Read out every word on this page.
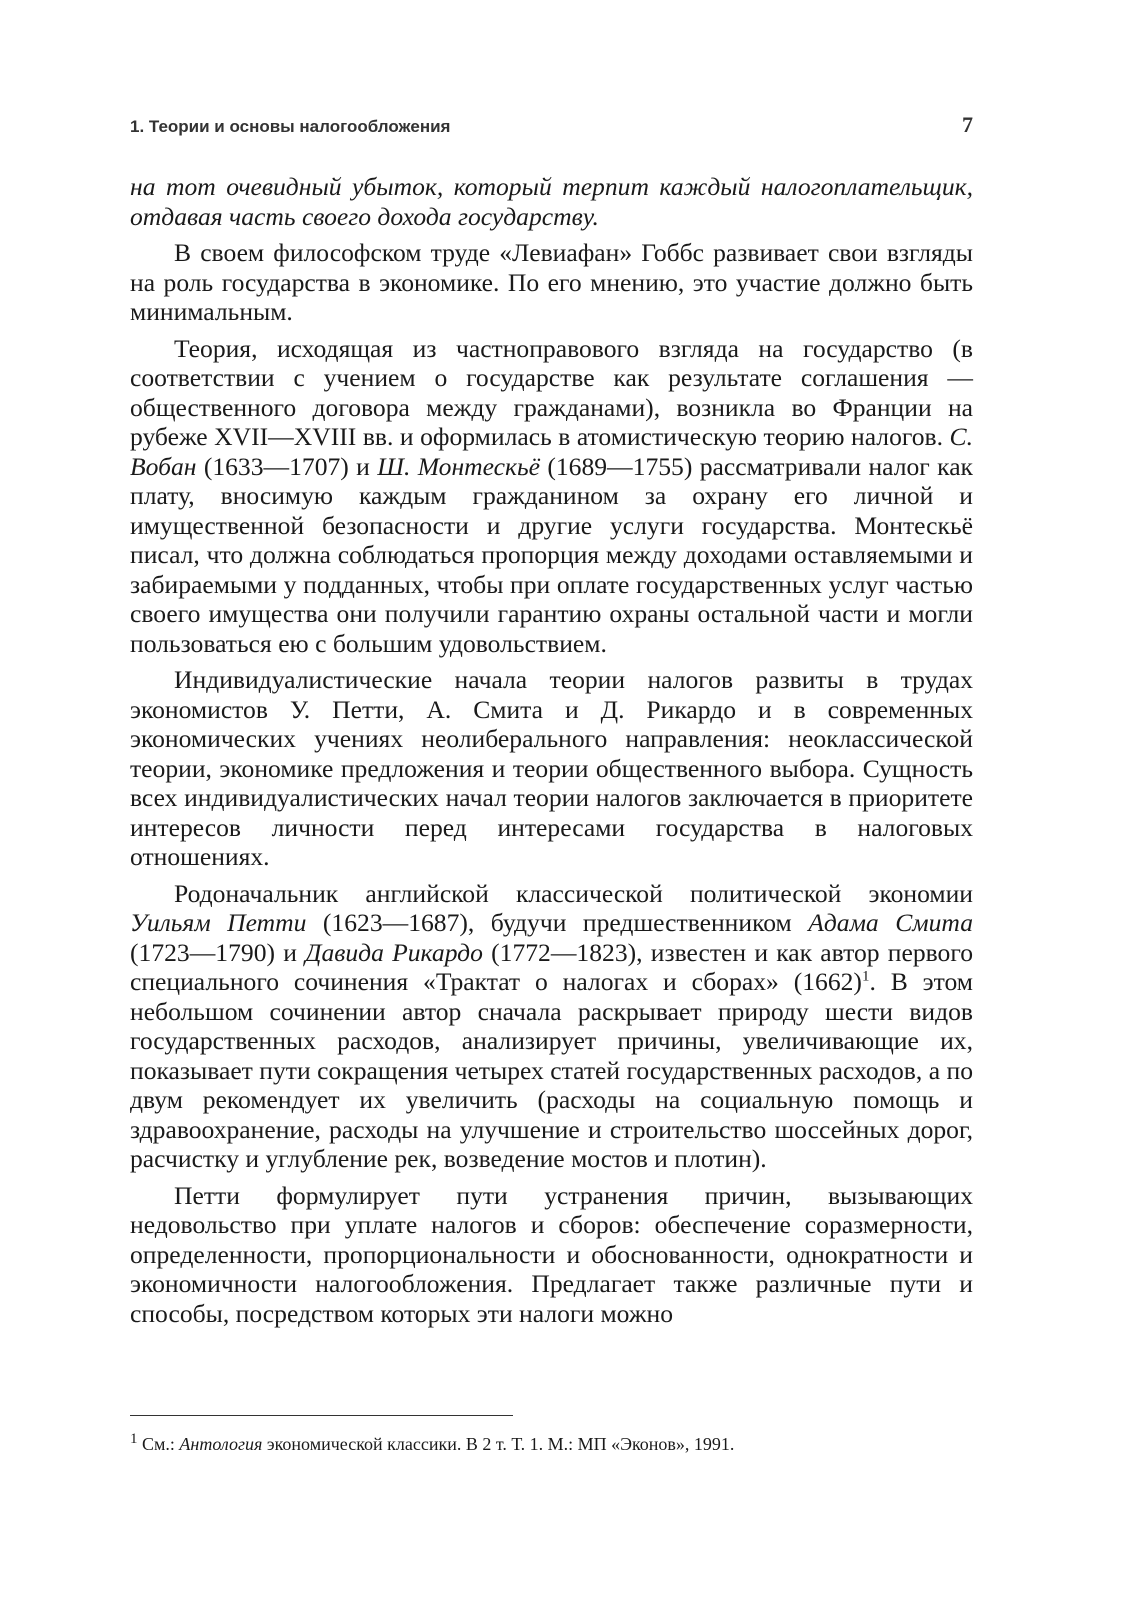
1. Теории и основы налогообложения	7

на тот очевидный убыток, который терпит каждый налогоплательщик, отдавая часть своего дохода государству.

В своем философском труде «Левиафан» Гоббс развивает свои взгляды на роль государства в экономике. По его мнению, это участие должно быть минимальным.

Теория, исходящая из частноправового взгляда на государство (в соответствии с учением о государстве как результате соглашения — общественного договора между гражданами), возникла во Франции на рубеже XVII—XVIII вв. и оформилась в атомистическую теорию налогов. С. Вобан (1633—1707) и Ш. Монтескьё (1689—1755) рассматривали налог как плату, вносимую каждым гражданином за охрану его личной и имущественной безопасности и другие услуги государства. Монтескьё писал, что должна соблюдаться пропорция между доходами оставляемыми и забираемыми у подданных, чтобы при оплате государственных услуг частью своего имущества они получили гарантию охраны остальной части и могли пользоваться ею с большим удовольствием.

Индивидуалистические начала теории налогов развиты в трудах экономистов У. Петти, А. Смита и Д. Рикардо и в современных экономических учениях неолиберального направления: неоклассической теории, экономике предложения и теории общественного выбора. Сущность всех индивидуалистических начал теории налогов заключается в приоритете интересов личности перед интересами государства в налоговых отношениях.

Родоначальник английской классической политической экономии Уильям Петти (1623—1687), будучи предшественником Адама Смита (1723—1790) и Давида Рикардо (1772—1823), известен и как автор первого специального сочинения «Трактат о налогах и сборах» $(1662)^1$. В этом небольшом сочинении автор сначала раскрывает природу шести видов государственных расходов, анализирует причины, увеличивающие их, показывает пути сокращения четырех статей государственных расходов, а по двум рекомендует их увеличить (расходы на социальную помощь и здравоохранение, расходы на улучшение и строительство шоссейных дорог, расчистку и углубление рек, возведение мостов и плотин).

Петти формулирует пути устранения причин, вызывающих недовольство при уплате налогов и сборов: обеспечение соразмерности, определенности, пропорциональности и обоснованности, однократности и экономичности налогообложения. Предлагает также различные пути и способы, посредством которых эти налоги можно

$^1$ См.: Антология экономической классики. В 2 т. Т. 1. М.: МП «Эконов», 1991.
